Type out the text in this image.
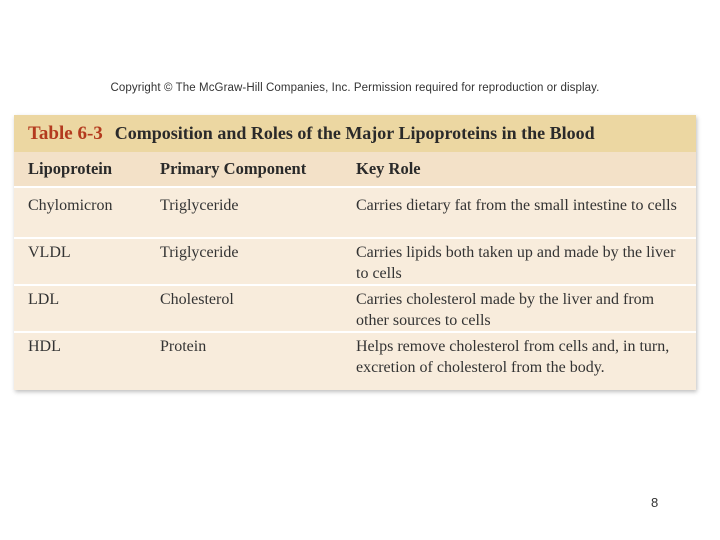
Copyright © The McGraw-Hill Companies, Inc. Permission required for reproduction or display.
Table 6-3 Composition and Roles of the Major Lipoproteins in the Blood
Lipoprotein	Primary Component	Key Role
Chylomicron	Triglyceride	Carries dietary fat from the small intestine to cells
VLDL	Triglyceride	Carries lipids both taken up and made by the liver to cells
LDL	Cholesterol	Carries cholesterol made by the liver and from other sources to cells
HDL	Protein	Helps remove cholesterol from cells and, in turn, excretion of cholesterol from the body.
8
